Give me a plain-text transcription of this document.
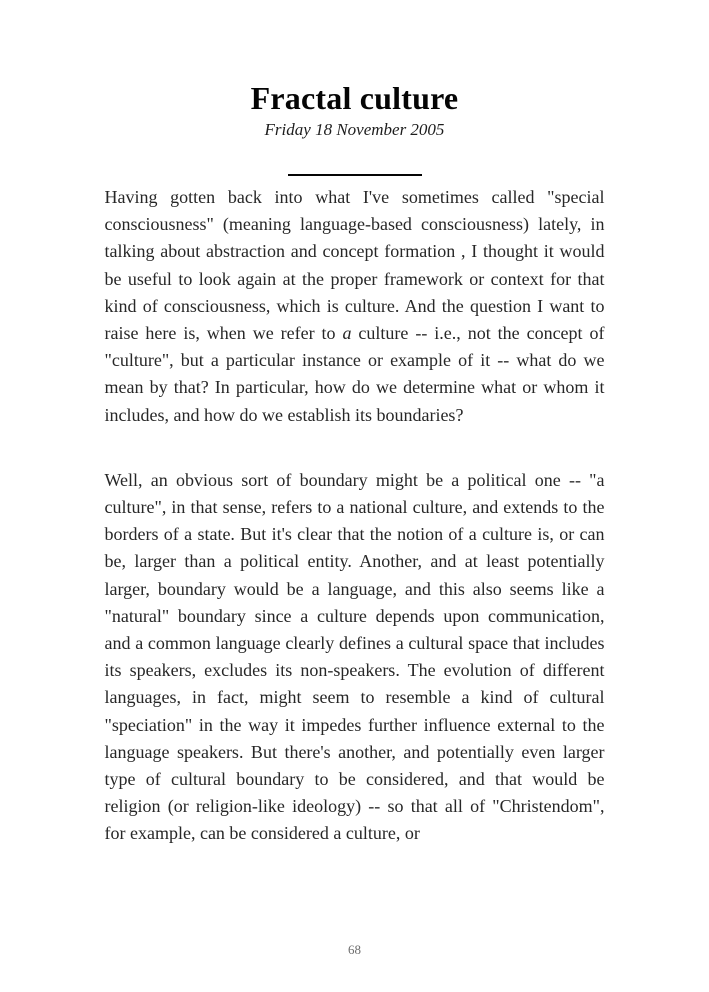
Fractal culture
Friday 18 November 2005

Having gotten back into what I've sometimes called "special consciousness" (meaning language-based consciousness) lately, in talking about abstraction and concept formation , I thought it would be useful to look again at the proper framework or context for that kind of consciousness, which is culture. And the question I want to raise here is, when we refer to a culture -- i.e., not the concept of "culture", but a particular instance or example of it -- what do we mean by that? In particular, how do we determine what or whom it includes, and how do we establish its boundaries?

Well, an obvious sort of boundary might be a political one -- "a culture", in that sense, refers to a national culture, and extends to the borders of a state. But it's clear that the notion of a culture is, or can be, larger than a political entity. Another, and at least potentially larger, boundary would be a language, and this also seems like a "natural" boundary since a culture depends upon communication, and a common language clearly defines a cultural space that includes its speakers, excludes its non-speakers. The evolution of different languages, in fact, might seem to resemble a kind of cultural "speciation" in the way it impedes further influence external to the language speakers. But there's another, and potentially even larger type of cultural boundary to be considered, and that would be religion (or religion-like ideology) -- so that all of "Christendom", for example, can be considered a culture, or

68
